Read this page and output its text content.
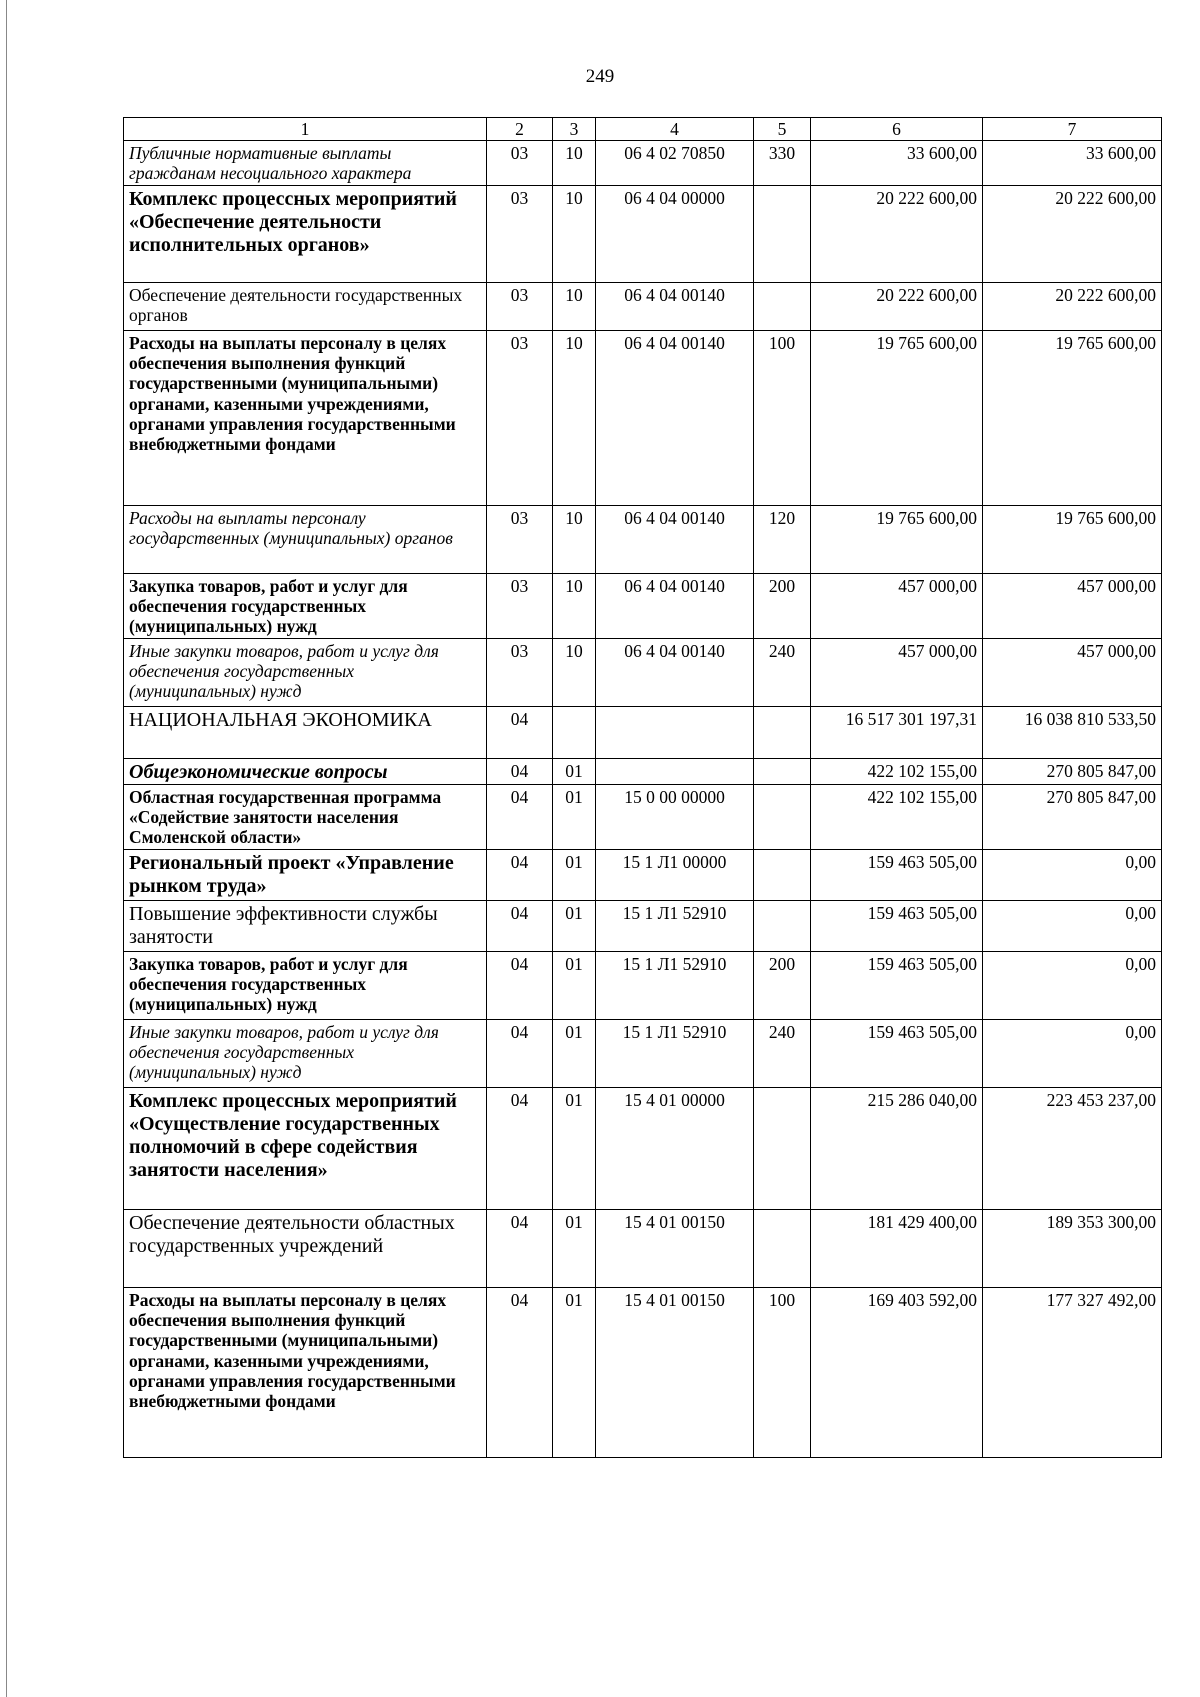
249
1	2	3	4	5	6	7
Публичные нормативные выплаты гражданам несоциального характера	03	10	06 4 02 70850	330	33 600,00	33 600,00
Комплекс процессных мероприятий «Обеспечение деятельности исполнительных органов»	03	10	06 4 04 00000		20 222 600,00	20 222 600,00
Обеспечение деятельности государственных органов	03	10	06 4 04 00140		20 222 600,00	20 222 600,00
Расходы на выплаты персоналу в целях обеспечения выполнения функций государственными (муниципальными) органами, казенными учреждениями, органами управления государственными внебюджетными фондами	03	10	06 4 04 00140	100	19 765 600,00	19 765 600,00
Расходы на выплаты персоналу государственных (муниципальных) органов	03	10	06 4 04 00140	120	19 765 600,00	19 765 600,00
Закупка товаров, работ и услуг для обеспечения государственных (муниципальных) нужд	03	10	06 4 04 00140	200	457 000,00	457 000,00
Иные закупки товаров, работ и услуг для обеспечения государственных (муниципальных) нужд	03	10	06 4 04 00140	240	457 000,00	457 000,00
НАЦИОНАЛЬНАЯ ЭКОНОМИКА	04				16 517 301 197,31	16 038 810 533,50
Общеэкономические вопросы	04	01			422 102 155,00	270 805 847,00
Областная государственная программа «Содействие занятости населения Смоленской области»	04	01	15 0 00 00000		422 102 155,00	270 805 847,00
Региональный проект «Управление рынком труда»	04	01	15 1 Л1 00000		159 463 505,00	0,00
Повышение эффективности службы занятости	04	01	15 1 Л1 52910		159 463 505,00	0,00
Закупка товаров, работ и услуг для обеспечения государственных (муниципальных) нужд	04	01	15 1 Л1 52910	200	159 463 505,00	0,00
Иные закупки товаров, работ и услуг для обеспечения государственных (муниципальных) нужд	04	01	15 1 Л1 52910	240	159 463 505,00	0,00
Комплекс процессных мероприятий «Осуществление государственных полномочий в сфере содействия занятости населения»	04	01	15 4 01 00000		215 286 040,00	223 453 237,00
Обеспечение деятельности областных государственных учреждений	04	01	15 4 01 00150		181 429 400,00	189 353 300,00
Расходы на выплаты персоналу в целях обеспечения выполнения функций государственными (муниципальными) органами, казенными учреждениями, органами управления государственными внебюджетными фондами	04	01	15 4 01 00150	100	169 403 592,00	177 327 492,00
